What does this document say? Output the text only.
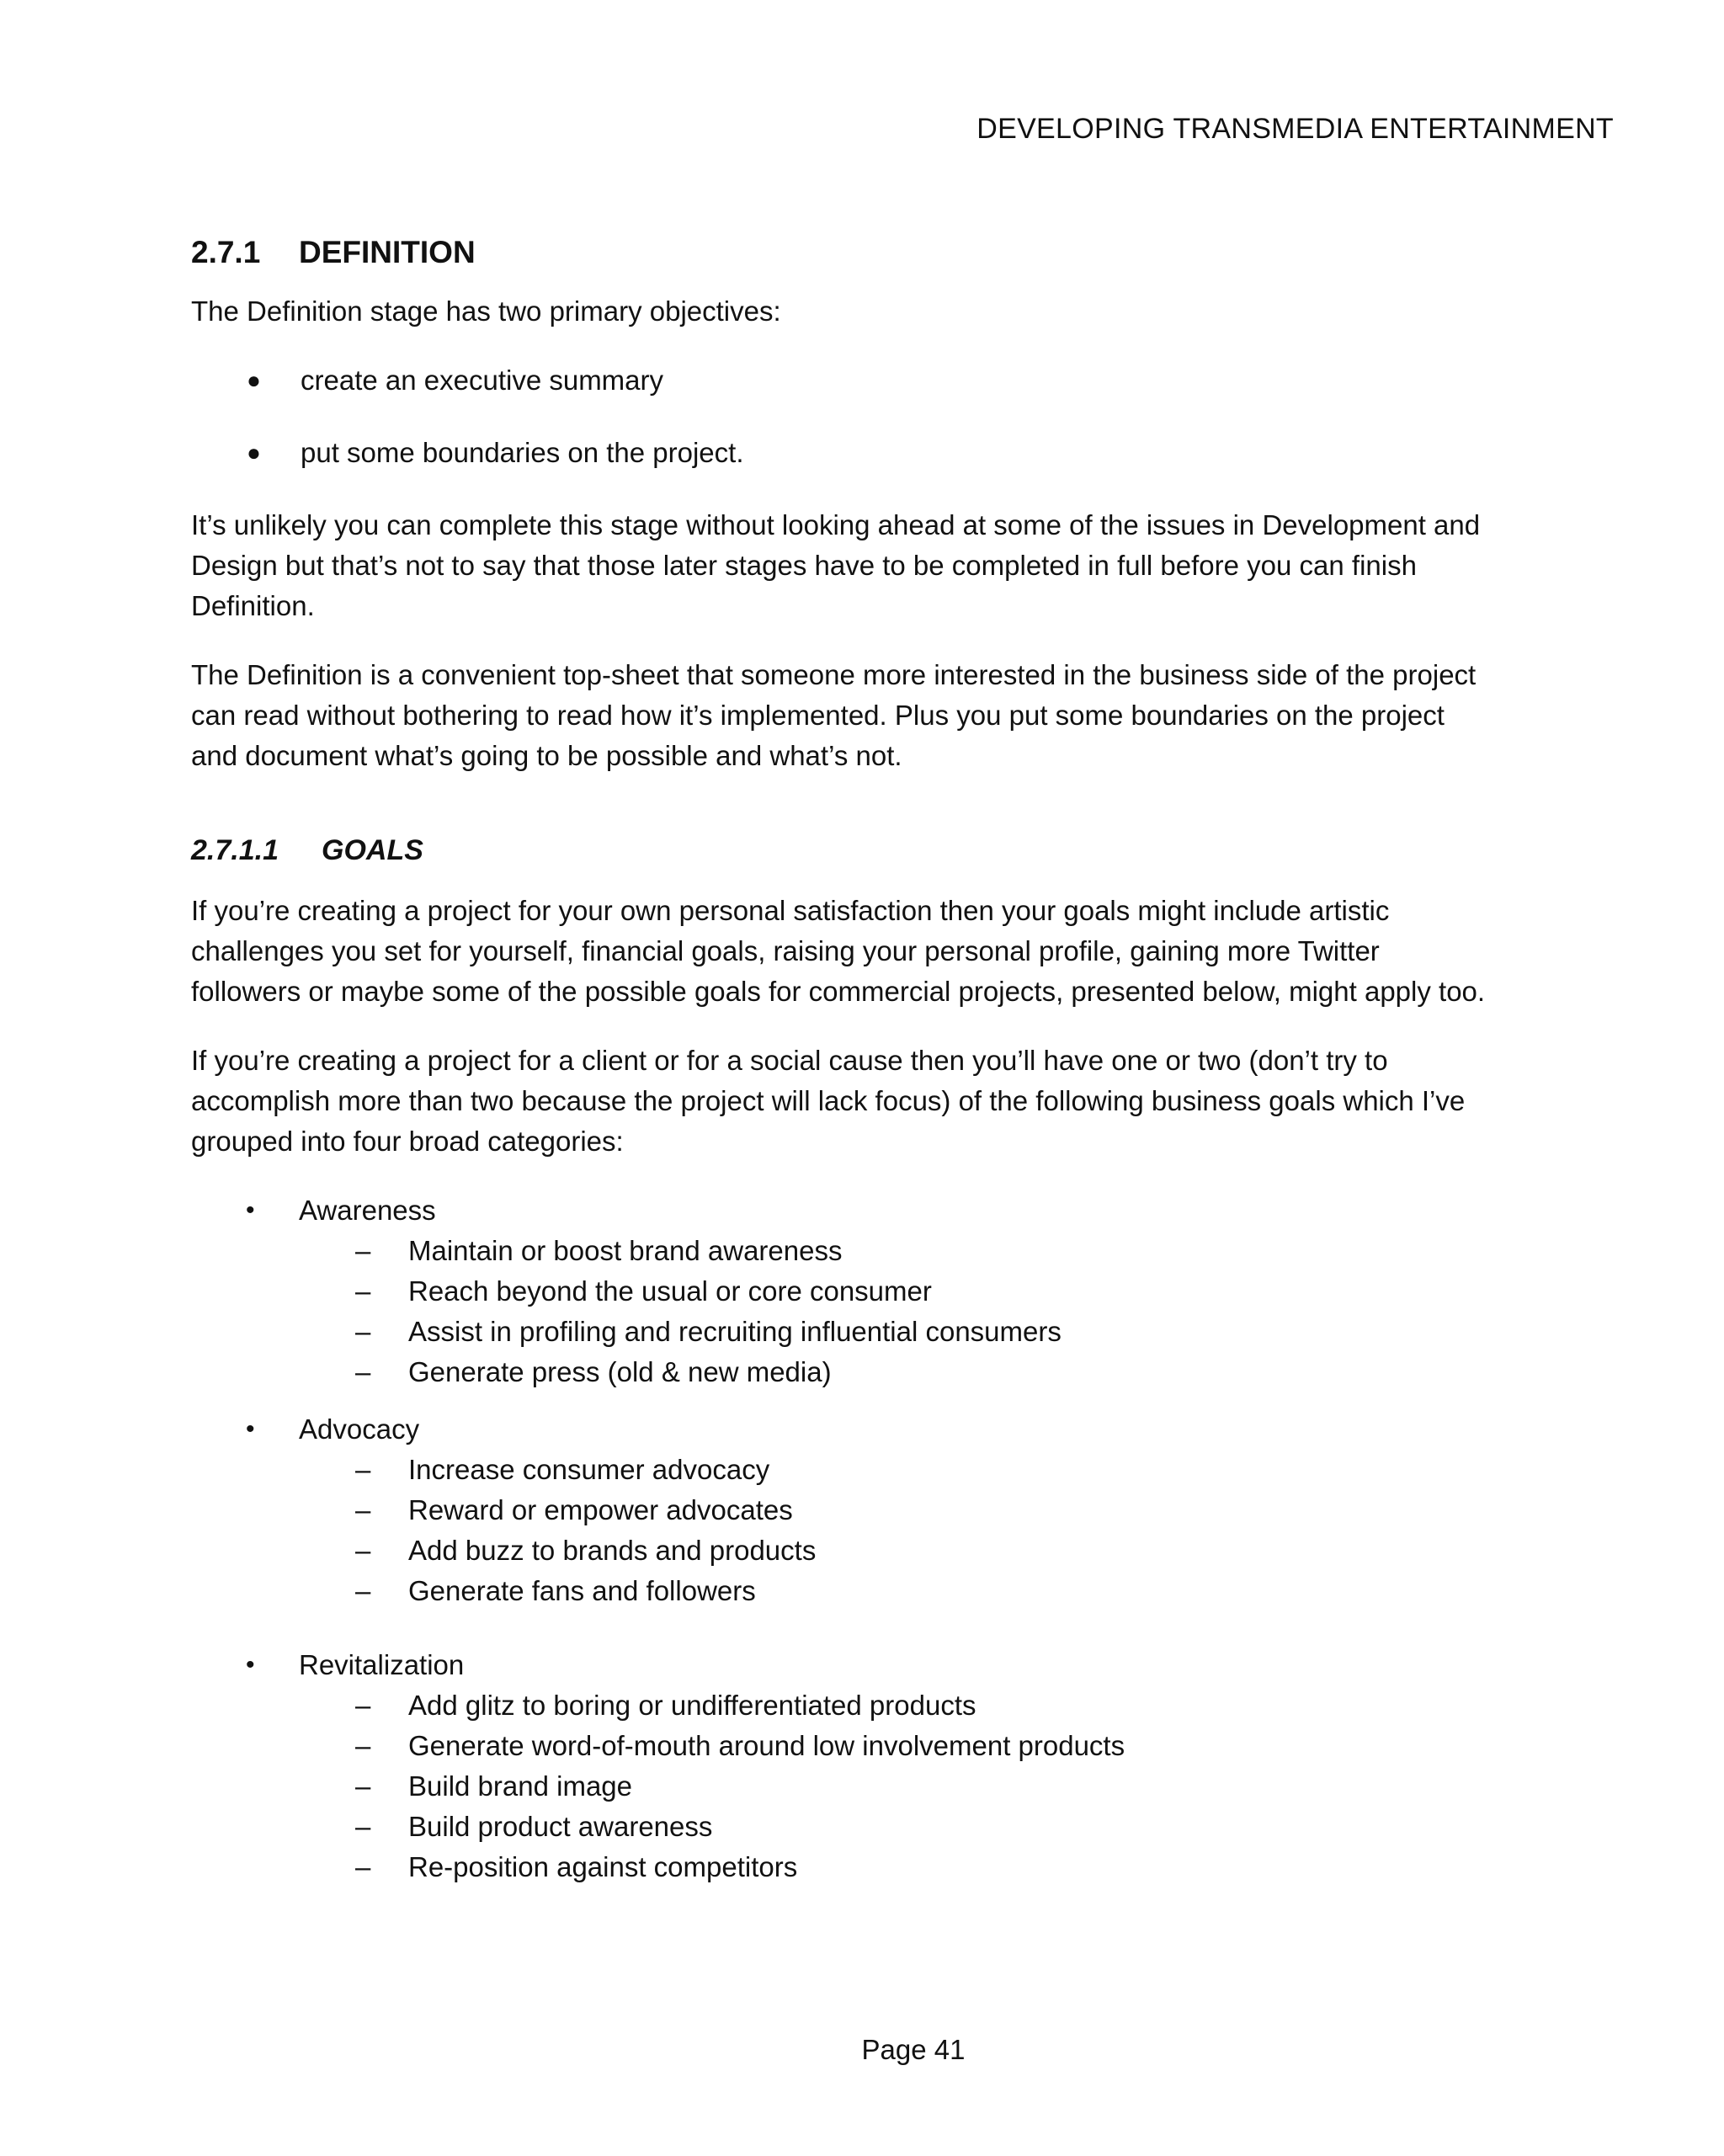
DEVELOPING TRANSMEDIA ENTERTAINMENT
2.7.1	DEFINITION

The Definition stage has two primary objectives:

● create an executive summary
● put some boundaries on the project.

It’s unlikely you can complete this stage without looking ahead at some of the issues in Development and
Design but that’s not to say that those later stages have to be completed in full before you can finish
Definition.

The Definition is a convenient top-sheet that someone more interested in the business side of the project
can read without bothering to read how it’s implemented. Plus you put some boundaries on the project
and document what’s going to be possible and what’s not.

2.7.1.1	GOALS

If you’re creating a project for your own personal satisfaction then your goals might include artistic
challenges you set for yourself, financial goals, raising your personal profile, gaining more Twitter
followers or maybe some of the possible goals for commercial projects, presented below, might apply too.

If you’re creating a project for a client or for a social cause then you’ll have one or two (don’t try to
accomplish more than two because the project will lack focus) of the following business goals which I’ve
grouped into four broad categories:

• Awareness
– Maintain or boost brand awareness
– Reach beyond the usual or core consumer
– Assist in profiling and recruiting influential consumers
– Generate press (old & new media)
• Advocacy
– Increase consumer advocacy
– Reward or empower advocates
– Add buzz to brands and products
– Generate fans and followers
• Revitalization
– Add glitz to boring or undifferentiated products
– Generate word-of-mouth around low involvement products
– Build brand image
– Build product awareness
– Re-position against competitors
Page 41
